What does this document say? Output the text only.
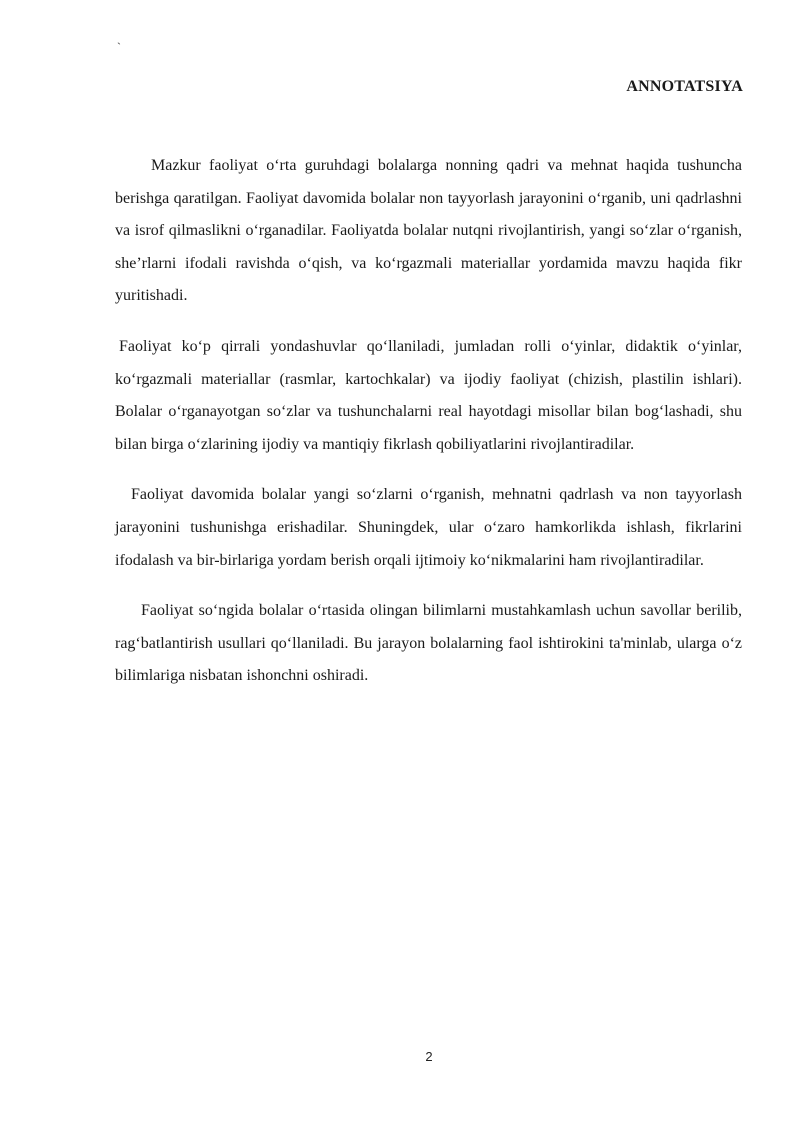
`
ANNOTATSIYA

Mazkur faoliyat o‘rta guruhdagi bolalarga nonning qadri va mehnat haqida tushuncha berishga qaratilgan. Faoliyat davomida bolalar non tayyorlash jarayonini o‘rganib, uni qadrlashni va isrof qilmaslikni o‘rganadilar. Faoliyatda bolalar nutqni rivojlantirish, yangi so‘zlar o‘rganish, she’rlarni ifodali ravishda o‘qish, va ko‘rgazmali materiallar yordamida mavzu haqida fikr yuritishadi.

Faoliyat ko‘p qirrali yondashuvlar qo‘llaniladi, jumladan rolli o‘yinlar, didaktik o‘yinlar, ko‘rgazmali materiallar (rasmlar, kartochkalar) va ijodiy faoliyat (chizish, plastilin ishlari). Bolalar o‘rganayotgan so‘zlar va tushunchalarni real hayotdagi misollar bilan bog‘lashadi, shu bilan birga o‘zlarining ijodiy va mantiqiy fikrlash qobiliyatlarini rivojlantiradilar.

Faoliyat davomida bolalar yangi so‘zlarni o‘rganish, mehnatni qadrlash va non tayyorlash jarayonini tushunishga erishadilar. Shuningdek, ular o‘zaro hamkorlikda ishlash, fikrlarini ifodalash va bir-birlariga yordam berish orqali ijtimoiy ko‘nikmalarini ham rivojlantiradilar.

Faoliyat so‘ngida bolalar o‘rtasida olingan bilimlarni mustahkamlash uchun savollar berilib, rag‘batlantirish usullari qo‘llaniladi. Bu jarayon bolalarning faol ishtirokini ta'minlab, ularga o‘z bilimlariga nisbatan ishonchni oshiradi.

2
